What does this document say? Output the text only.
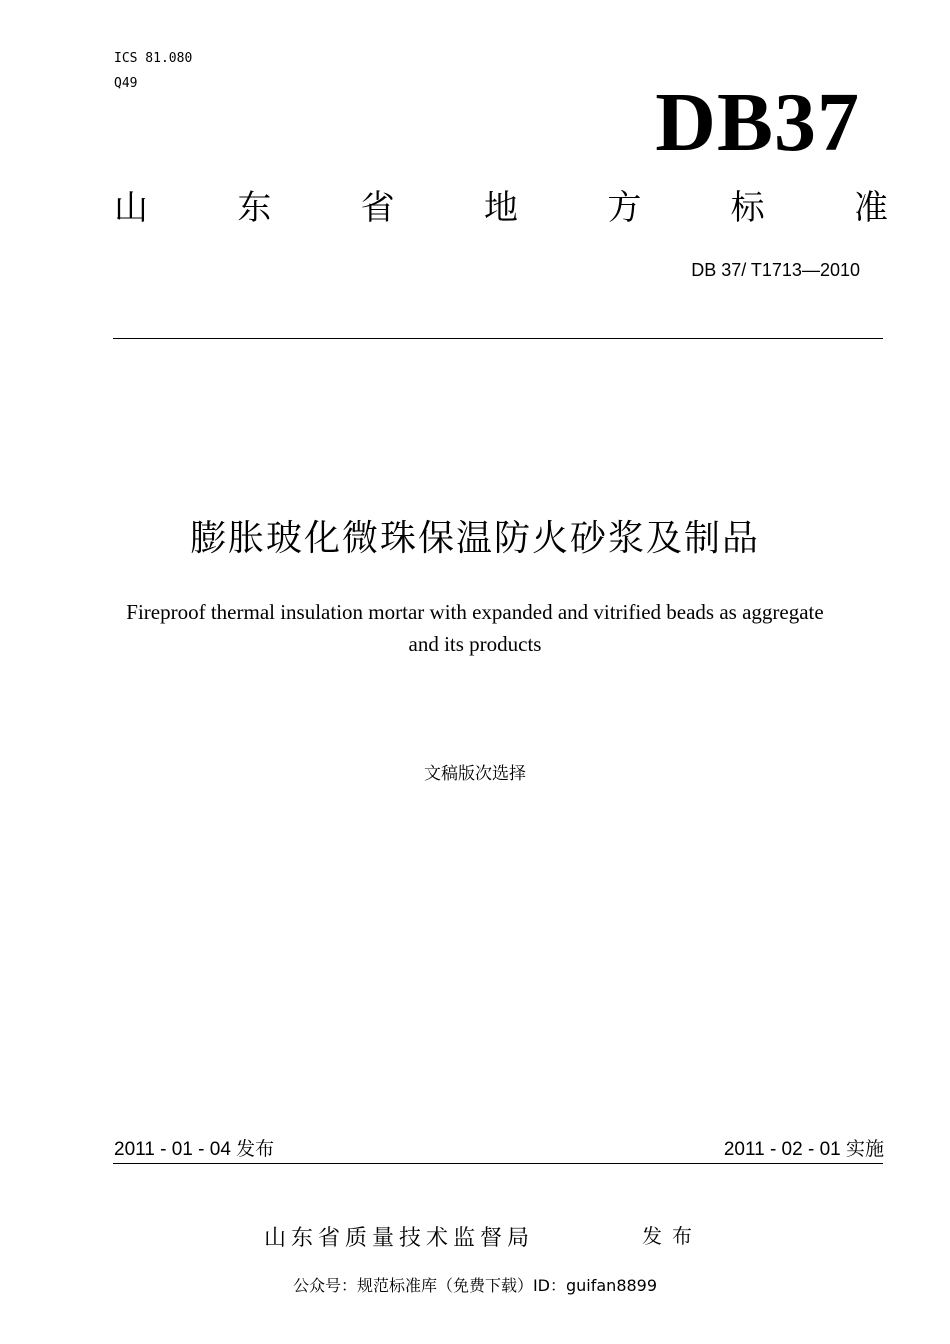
ICS 81.080
Q49	DB37
山	东	省	地	方	标	准
DB 37/ T1713—2010
膨胀玻化微珠保温防火砂浆及制品
Fireproof thermal insulation mortar with expanded and vitrified beads as aggregate
and its products
文稿版次选择
2011 - 01 - 04 发布	2011 - 02 - 01 实施
山东省质量技术监督局	发布
公众号：规范标准库（免费下载）ID：guifan8899
